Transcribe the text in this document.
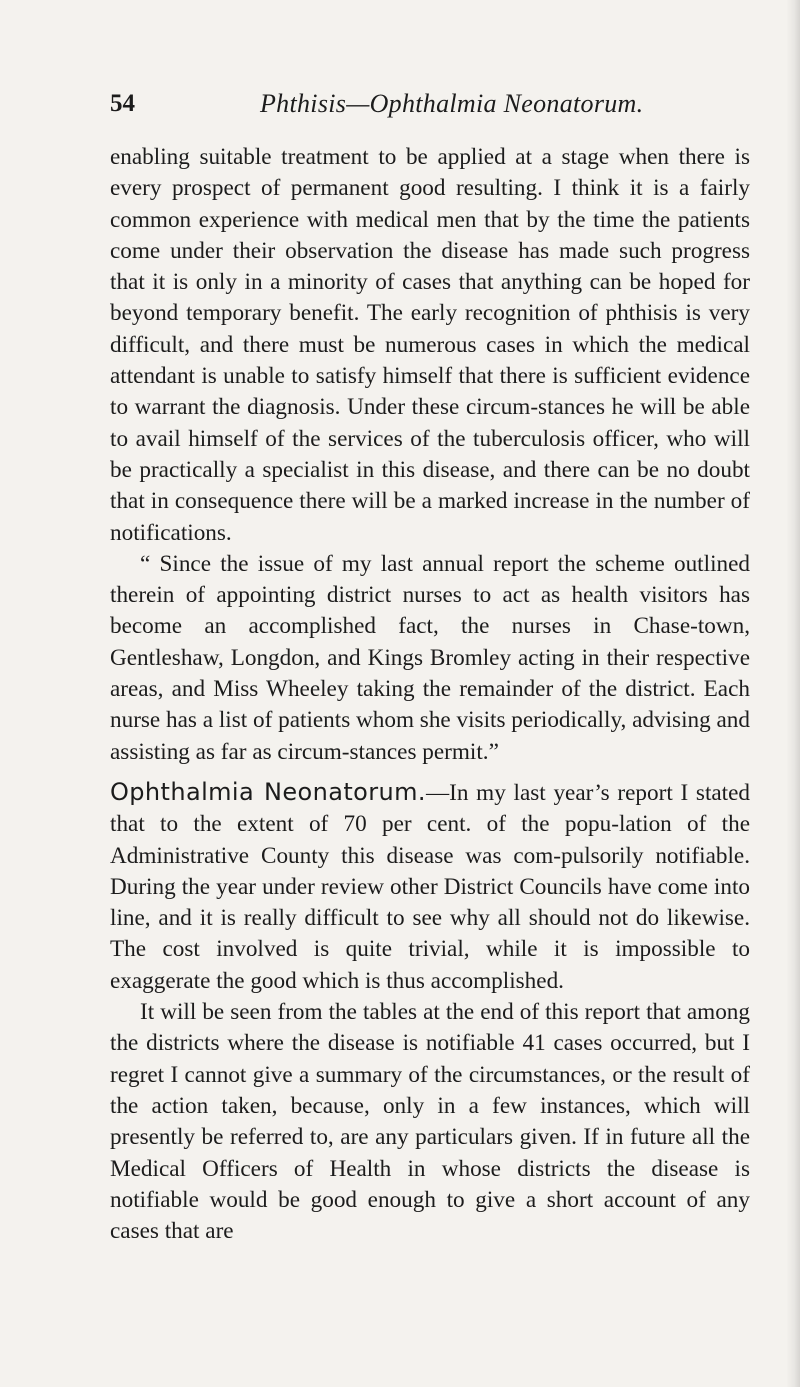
54	Phthisis—Ophthalmia Neonatorum.

enabling suitable treatment to be applied at a stage when there is every prospect of permanent good resulting. I think it is a fairly common experience with medical men that by the time the patients come under their observation the disease has made such progress that it is only in a minority of cases that anything can be hoped for beyond temporary benefit. The early recognition of phthisis is very difficult, and there must be numerous cases in which the medical attendant is unable to satisfy himself that there is sufficient evidence to warrant the diagnosis. Under these circum-stances he will be able to avail himself of the services of the tuberculosis officer, who will be practically a specialist in this disease, and there can be no doubt that in consequence there will be a marked increase in the number of notifications.

“ Since the issue of my last annual report the scheme outlined therein of appointing district nurses to act as health visitors has become an accomplished fact, the nurses in Chase-town, Gentleshaw, Longdon, and Kings Bromley acting in their respective areas, and Miss Wheeley taking the remainder of the district. Each nurse has a list of patients whom she visits periodically, advising and assisting as far as circum-stances permit.”

Ophthalmia Neonatorum.—In my last year’s report I stated that to the extent of 70 per cent. of the popu-lation of the Administrative County this disease was com-pulsorily notifiable. During the year under review other District Councils have come into line, and it is really difficult to see why all should not do likewise. The cost involved is quite trivial, while it is impossible to exaggerate the good which is thus accomplished.

It will be seen from the tables at the end of this report that among the districts where the disease is notifiable 41 cases occurred, but I regret I cannot give a summary of the circumstances, or the result of the action taken, because, only in a few instances, which will presently be referred to, are any particulars given. If in future all the Medical Officers of Health in whose districts the disease is notifiable would be good enough to give a short account of any cases that are
